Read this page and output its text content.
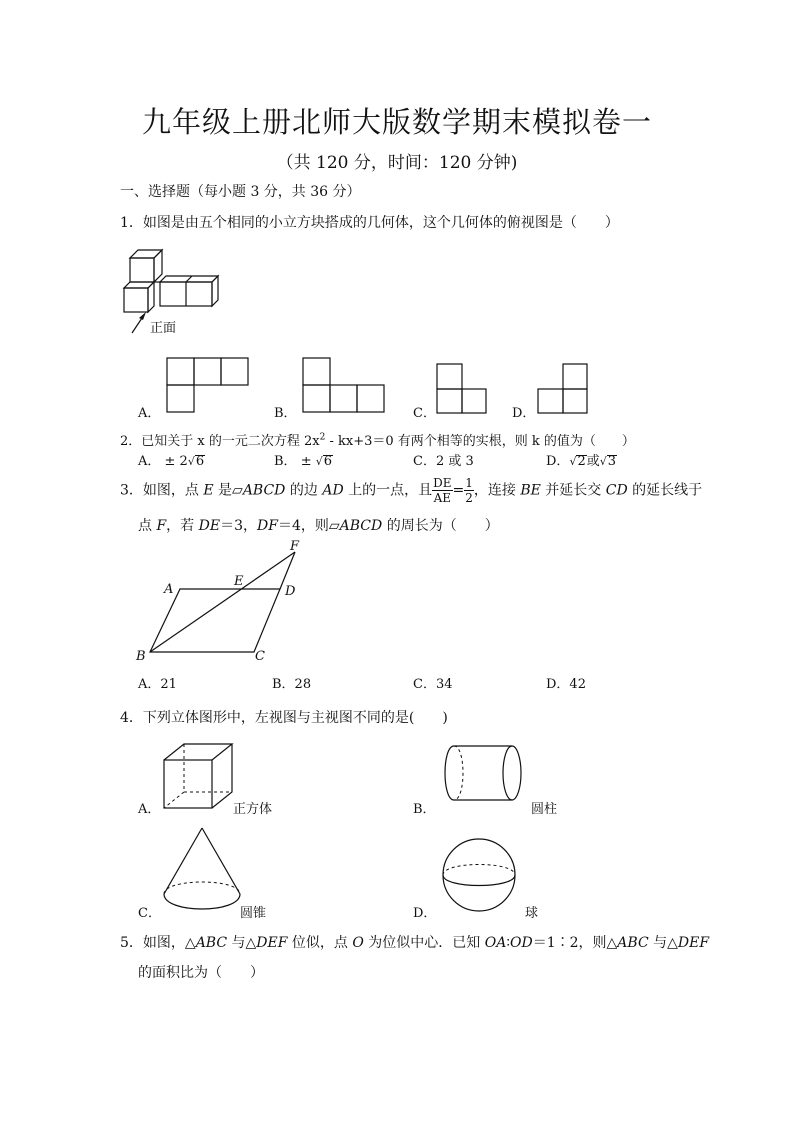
九年级上册北师大版数学期末模拟卷一
（共 120 分，时间：120 分钟)
一、选择题（每小题 3 分，共 36 分）
1．如图是由五个相同的小立方块搭成的几何体，这个几何体的俯视图是（　　）
正面
A．	B．	C．	D．
2．已知关于 x 的一元二次方程 $2x^2 - kx+3=0$ 有两个相等的实根，则 k 的值为（　　）
A． ± 2√6	B． ± √6	C．2 或 3	D．√2或√3
3．如图，点 E 是▱ABCD 的边 AD 上的一点，且 $\frac{DE}{AE} = \frac{1}{2}$ ，连接 BE 并延长交 CD 的延长线于
点 F，若 DE＝3，DF＝4，则▱ABCD 的周长为（　　）
A
B	C
D
E
F
A．21	B．28	C．34	D．42
4．下列立体图形中，左视图与主视图不同的是(　　)
A．	正方体	B．	圆柱
C．	圆锥	D．	球
5．如图，△ABC 与△DEF 位似，点 O 为位似中心．已知 OA∶OD＝1∶2，则△ABC 与△DEF
的面积比为（　　）
